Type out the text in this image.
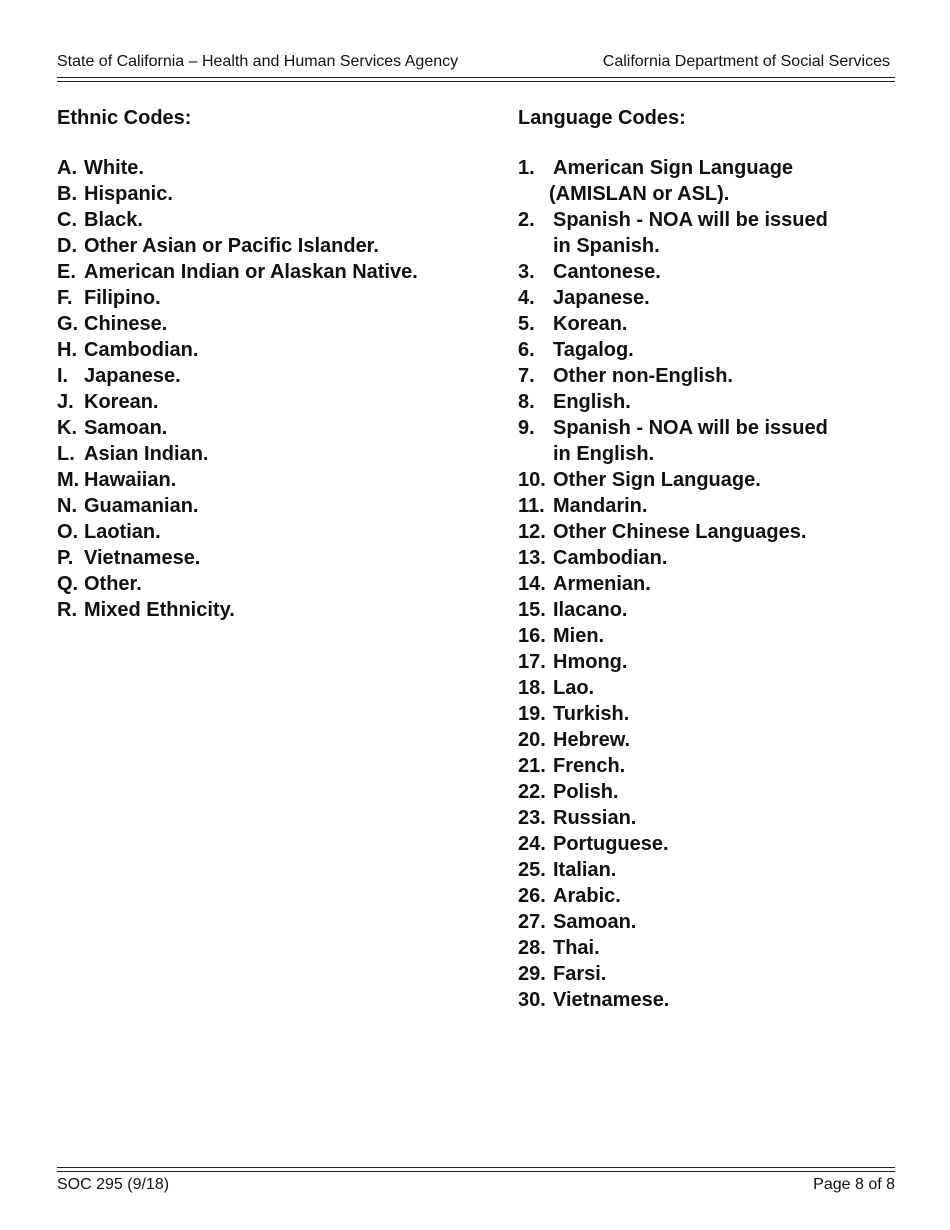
State of California – Health and Human Services Agency	California Department of Social Services
Ethnic Codes:
A. White.
B. Hispanic.
C. Black.
D. Other Asian or Pacific Islander.
E. American Indian or Alaskan Native.
F. Filipino.
G. Chinese.
H. Cambodian.
I. Japanese.
J. Korean.
K. Samoan.
L. Asian Indian.
M. Hawaiian.
N. Guamanian.
O. Laotian.
P. Vietnamese.
Q. Other.
R. Mixed Ethnicity.
Language Codes:
1. American Sign Language
(AMISLAN or ASL).
2. Spanish - NOA will be issued
in Spanish.
3. Cantonese.
4. Japanese.
5. Korean.
6. Tagalog.
7. Other non-English.
8. English.
9. Spanish - NOA will be issued
in English.
10. Other Sign Language.
11. Mandarin.
12. Other Chinese Languages.
13. Cambodian.
14. Armenian.
15. Ilacano.
16. Mien.
17. Hmong.
18. Lao.
19. Turkish.
20. Hebrew.
21. French.
22. Polish.
23. Russian.
24. Portuguese.
25. Italian.
26. Arabic.
27. Samoan.
28. Thai.
29. Farsi.
30. Vietnamese.
SOC 295 (9/18)	Page 8 of 8
